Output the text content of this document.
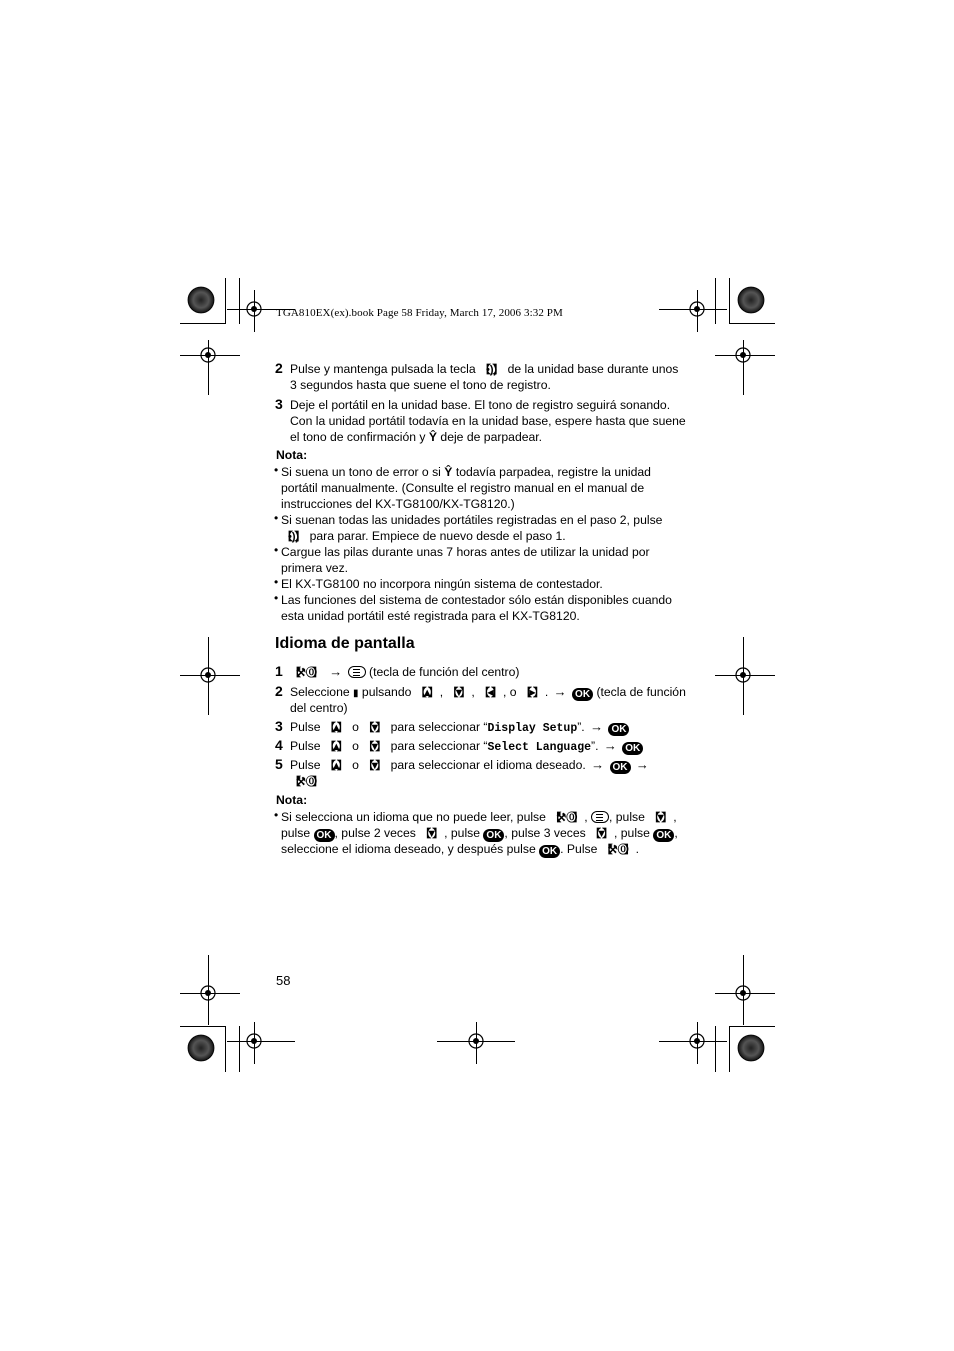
TGA810EX(ex).book Page 58 Friday, March 17, 2006 3:32 PM
2 Pulse y mantenga pulsada la tecla 【 •)) 】 de la unidad base durante unos
3 segundos hasta que suene el tono de registro.
3 Deje el portátil en la unidad base. El tono de registro seguirá sonando.
Con la unidad portátil todavía en la unidad base, espere hasta que suene
el tono de confirmación y Ŷ deje de parpadear.
Nota:
• Si suena un tono de error o si Ŷ todavía parpadea, registre la unidad
portátil manualmente. (Consulte el registro manual en el manual de
instrucciones del KX-TG8100/KX-TG8120.)
• Si suenan todas las unidades portátiles registradas en el paso 2, pulse
【 •)) 】 para parar. Empiece de nuevo desde el paso 1.
• Cargue las pilas durante unas 7 horas antes de utilizar la unidad por
primera vez.
• El KX-TG8100 no incorpora ningún sistema de contestador.
• Las funciones del sistema de contestador sólo están disponibles cuando
esta unidad portátil esté registrada para el KX-TG8120.
Idioma de pantalla
1	【 ⚒⓪ 】 → (tecla de función del centro)
2 Seleccione ▮ pulsando 【 ▲ 】 , 【 ▼ 】 , 【 ◄ 】 , o 【 ► 】 . → OK (tecla de función
del centro)
3 Pulse 【 ▲ 】 o 【 ▼ 】 para seleccionar “Display Setup”. → OK
4 Pulse 【 ▲ 】 o 【 ▼ 】 para seleccionar “Select Language”. → OK
5 Pulse 【 ▲ 】 o 【 ▼ 】 para seleccionar el idioma deseado. → OK →
【 ⚒⓪ 】
Nota:
• Si selecciona un idioma que no puede leer, pulse 【 ⚒⓪ 】 , , pulse 【 ▼ 】 ,
pulse OK , pulse 2 veces 【 ▼ 】 , pulse OK , pulse 3 veces 【 ▼ 】 , pulse OK ,
seleccione el idioma deseado, y después pulse OK . Pulse 【 ⚒⓪ 】 .
58
